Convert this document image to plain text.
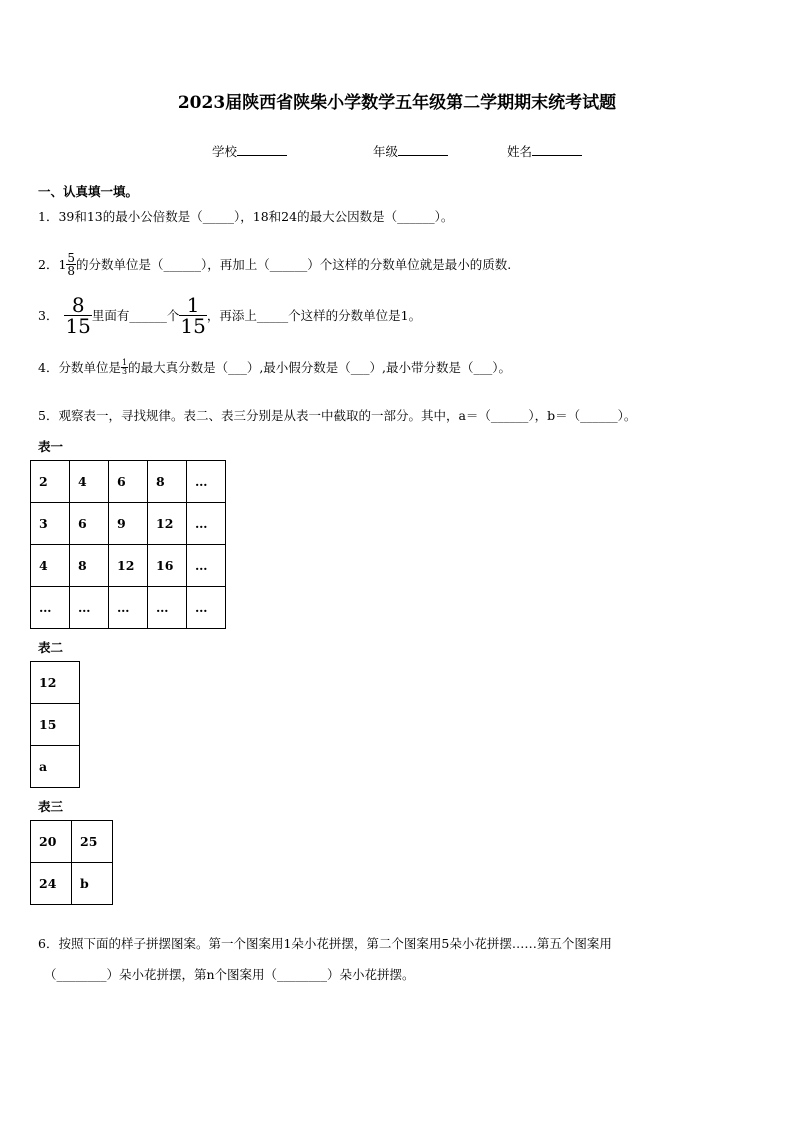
2023届陕西省陕柴小学数学五年级第二学期期末统考试题
学校	年级	姓名
一、认真填一填。
1．39和13的最小公倍数是（_____），18和24的最大公因数是（______）。
2．$1 \frac{5}{8}$ 的分数单位是（______），再加上（______）个这样的分数单位就是最小的质数.
3． $\frac{8}{15}$ 里面有______个 $\frac{1}{15}$ ，再添上_____个这样的分数单位是1。
4．分数单位是 $\frac{1}{3}$ 的最大真分数是（___）,最小假分数是（___）,最小带分数是（___）。
5．观察表一，寻找规律。表二、表三分别是从表一中截取的一部分。其中，a＝（______），b＝（______）。
表一
2	4	6	8	…
3	6	9	12	…
4	8	12	16	…
…	…	…	…	…
表二
12
15
a
表三
20	25
24	b
6．按照下面的样子拼摆图案。第一个图案用1朵小花拼摆，第二个图案用5朵小花拼摆……第五个图案用
（________）朵小花拼摆，第n个图案用（________）朵小花拼摆。
